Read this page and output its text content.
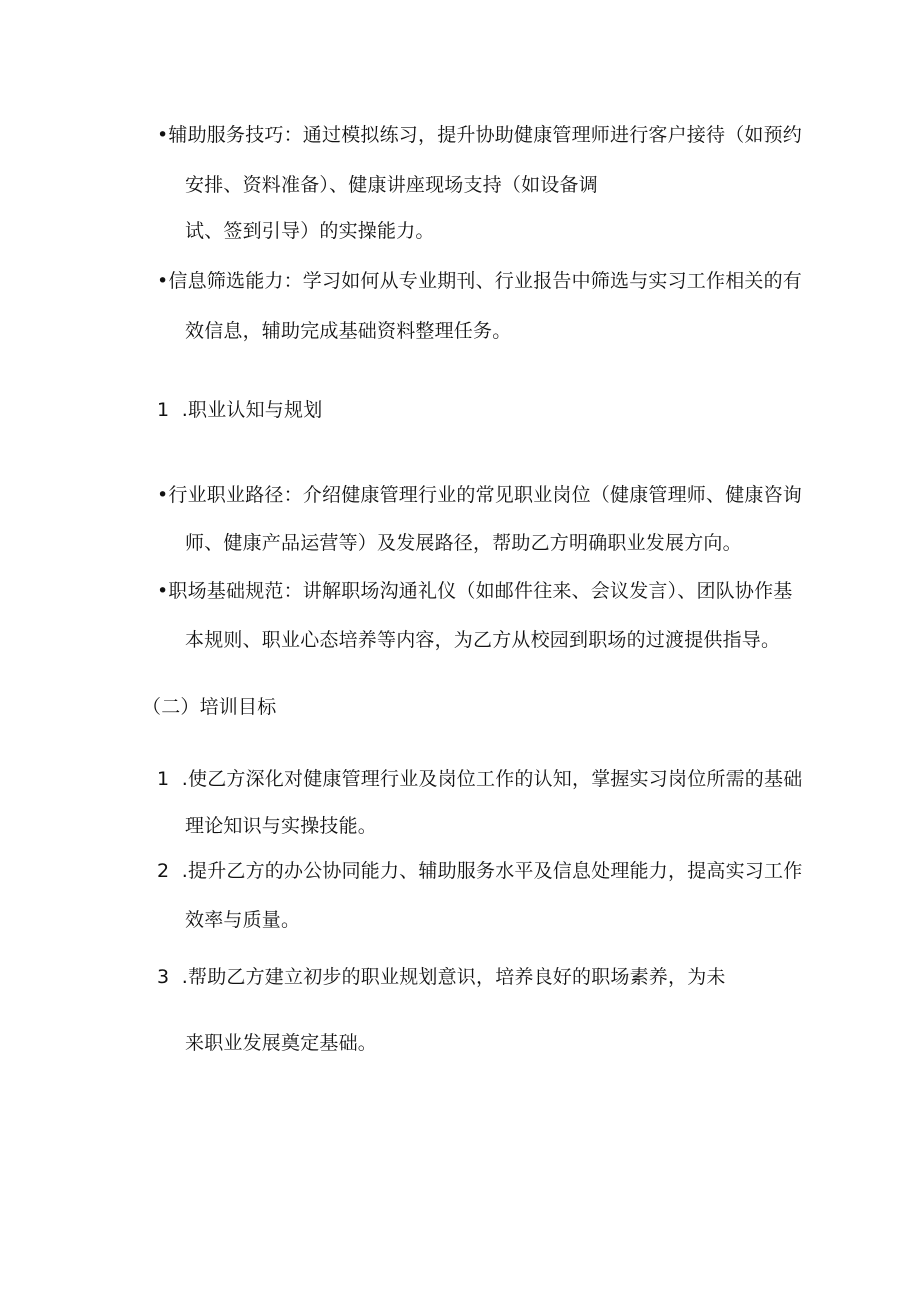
•辅助服务技巧：通过模拟练习，提升协助健康管理师进行客户接待（如预约
安排、资料准备）、健康讲座现场支持（如设备调
试、签到引导）的实操能力。
•信息筛选能力：学习如何从专业期刊、行业报告中筛选与实习工作相关的有
效信息，辅助完成基础资料整理任务。
1  .职业认知与规划
•行业职业路径：介绍健康管理行业的常见职业岗位（健康管理师、健康咨询
师、健康产品运营等）及发展路径，帮助乙方明确职业发展方向。
•职场基础规范：讲解职场沟通礼仪（如邮件往来、会议发言）、团队协作基
本规则、职业心态培养等内容，为乙方从校园到职场的过渡提供指导。
（二）培训目标
1  .使乙方深化对健康管理行业及岗位工作的认知，掌握实习岗位所需的基础
理论知识与实操技能。
2  .提升乙方的办公协同能力、辅助服务水平及信息处理能力，提高实习工作
效率与质量。
3  .帮助乙方建立初步的职业规划意识，培养良好的职场素养，为未
来职业发展奠定基础。
